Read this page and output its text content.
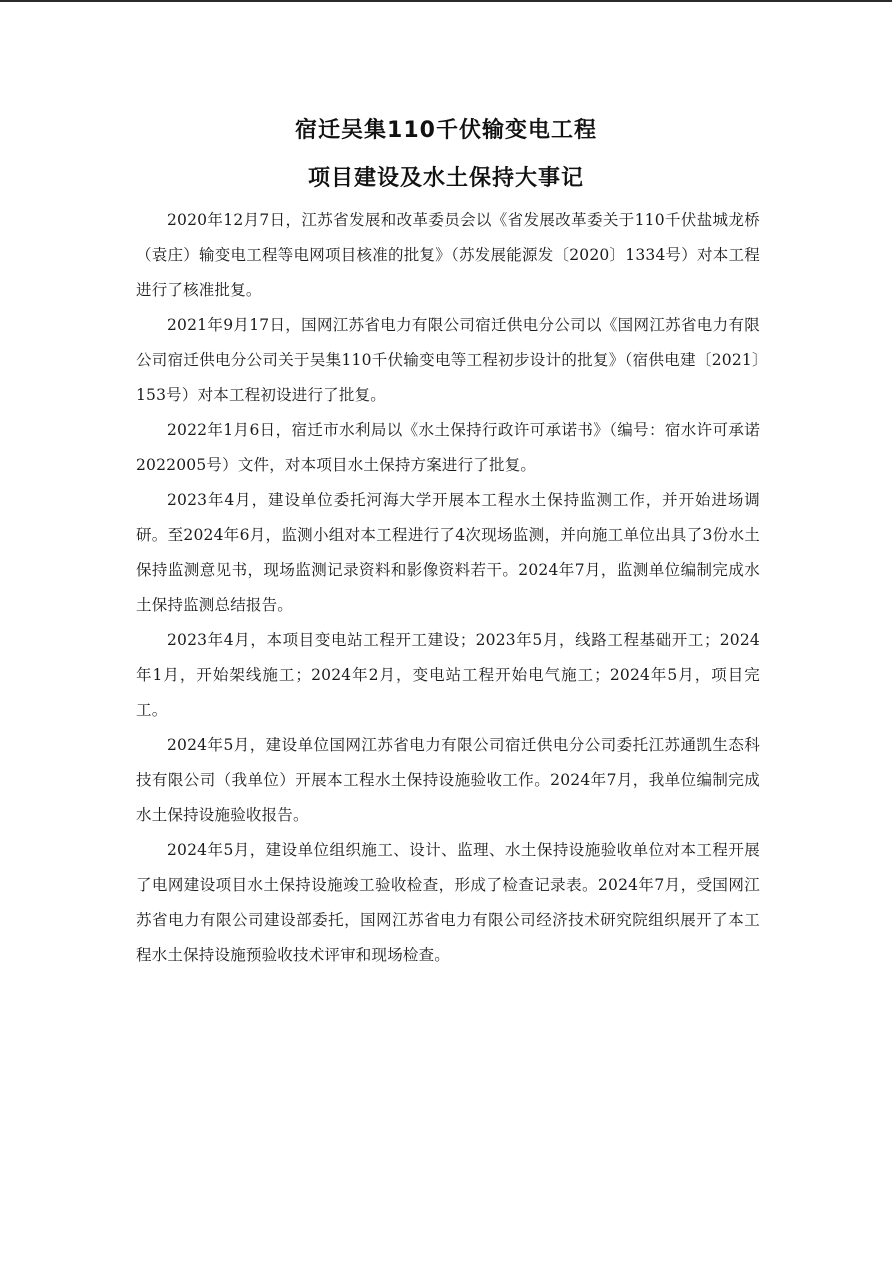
宿迁吴集110千伏输变电工程
项目建设及水土保持大事记

2020年12月7日，江苏省发展和改革委员会以《省发展改革委关于110千伏盐城龙桥（袁庄）输变电工程等电网项目核准的批复》（苏发展能源发〔2020〕1334号）对本工程进行了核准批复。

2021年9月17日，国网江苏省电力有限公司宿迁供电分公司以《国网江苏省电力有限公司宿迁供电分公司关于吴集110千伏输变电等工程初步设计的批复》（宿供电建〔2021〕153号）对本工程初设进行了批复。

2022年1月6日，宿迁市水利局以《水土保持行政许可承诺书》（编号：宿水许可承诺2022005号）文件，对本项目水土保持方案进行了批复。

2023年4月，建设单位委托河海大学开展本工程水土保持监测工作，并开始进场调研。至2024年6月，监测小组对本工程进行了4次现场监测，并向施工单位出具了3份水土保持监测意见书，现场监测记录资料和影像资料若干。2024年7月，监测单位编制完成水土保持监测总结报告。

2023年4月，本项目变电站工程开工建设；2023年5月，线路工程基础开工；2024年1月，开始架线施工；2024年2月，变电站工程开始电气施工；2024年5月，项目完工。

2024年5月，建设单位国网江苏省电力有限公司宿迁供电分公司委托江苏通凯生态科技有限公司（我单位）开展本工程水土保持设施验收工作。2024年7月，我单位编制完成水土保持设施验收报告。

2024年5月，建设单位组织施工、设计、监理、水土保持设施验收单位对本工程开展了电网建设项目水土保持设施竣工验收检查，形成了检查记录表。2024年7月，受国网江苏省电力有限公司建设部委托，国网江苏省电力有限公司经济技术研究院组织展开了本工程水土保持设施预验收技术评审和现场检查。
